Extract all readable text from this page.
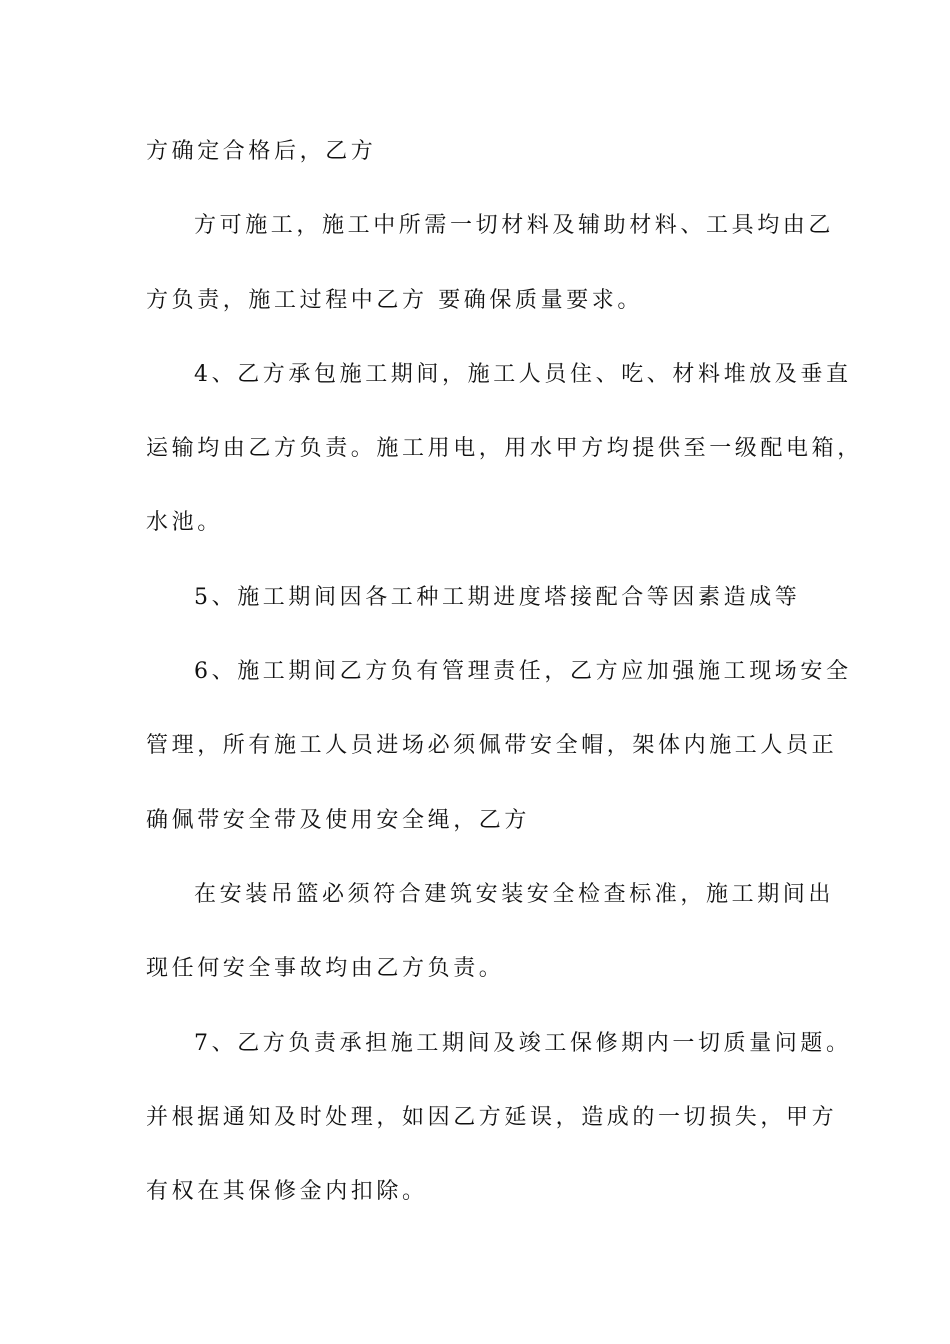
方确定合格后，乙方
方可施工，施工中所需一切材料及辅助材料、工具均由乙
方负责，施工过程中乙方 要确保质量要求。
4、乙方承包施工期间，施工人员住、吃、材料堆放及垂直
运输均由乙方负责。施工用电，用水甲方均提供至一级配电箱，
水池。
5、施工期间因各工种工期进度塔接配合等因素造成等
6、施工期间乙方负有管理责任，乙方应加强施工现场安全
管理，所有施工人员进场必须佩带安全帽，架体内施工人员正
确佩带安全带及使用安全绳，乙方
在安装吊篮必须符合建筑安装安全检查标准，施工期间出
现任何安全事故均由乙方负责。
7、乙方负责承担施工期间及竣工保修期内一切质量问题。
并根据通知及时处理，如因乙方延误，造成的一切损失，甲方
有权在其保修金内扣除。
